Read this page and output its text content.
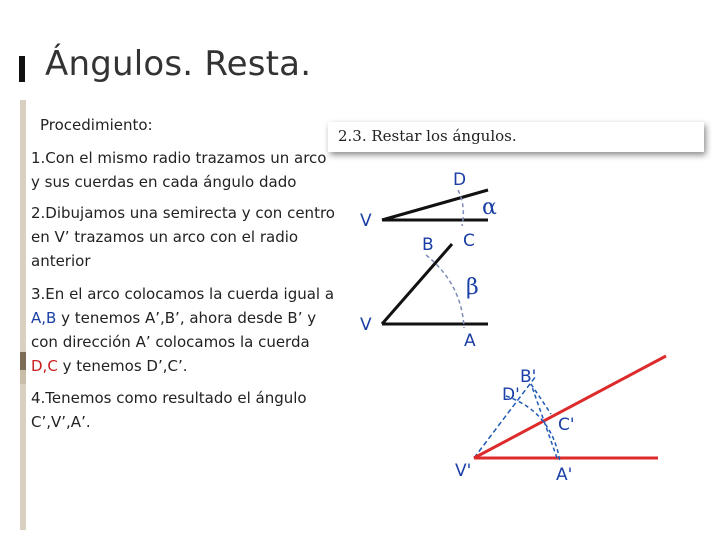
Ángulos. Resta.
Procedimiento:
1.Con el mismo radio trazamos un arco y sus cuerdas en cada ángulo dado
2.Dibujamos una semirecta y con centro en V’ trazamos un arco con el radio anterior
3.En el arco colocamos la cuerda igual a A,B y tenemos A’,B’, ahora desde B’ y con dirección A’ colocamos la cuerda D,C y tenemos D’,C’.
4.Tenemos como resultado el ángulo C’,V’,A’.
2.3. Restar los ángulos.
V
D
C
α
V
B
A
β
V'	A'
B'
C'
D'
